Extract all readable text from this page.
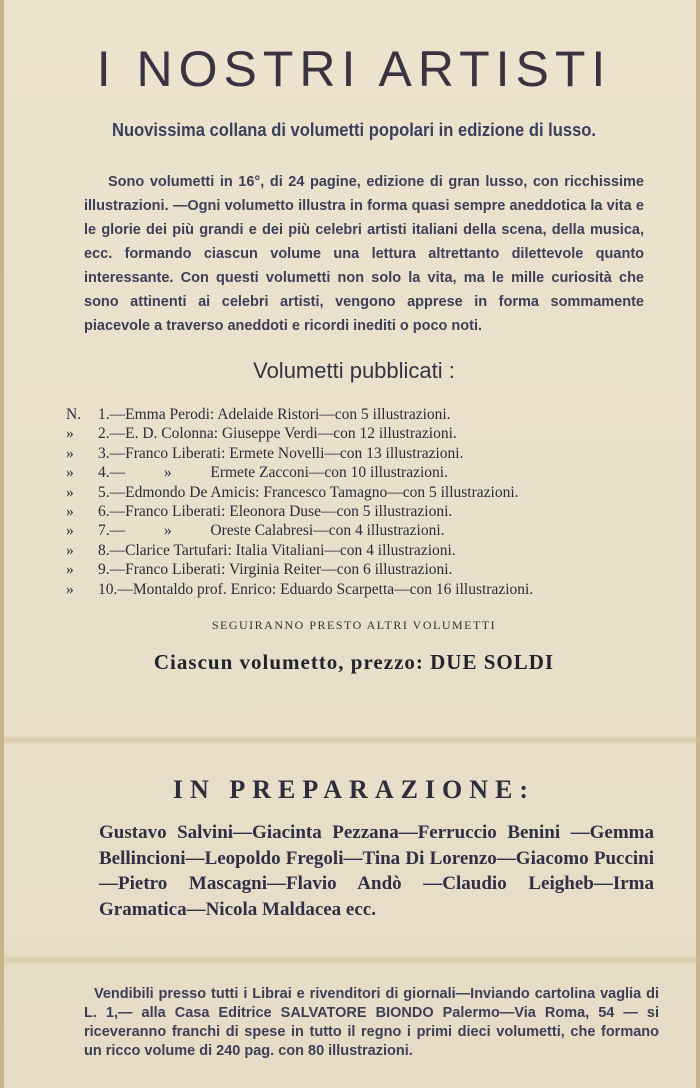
I NOSTRI ARTISTI
Nuovissima collana di volumetti popolari in edizione di lusso.
Sono volumetti in 16°, di 24 pagine, edizione di gran lusso, con ricchissime illustrazioni. —Ogni volumetto illustra in forma quasi sempre aneddotica la vita e le glorie dei più grandi e dei più celebri artisti italiani della scena, della musica, ecc. formando ciascun volume una lettura altrettanto dilettevole quanto interessante. Con questi volumetti non solo la vita, ma le mille curiosità che sono attinenti ai celebri artisti, vengono apprese in forma sommamente piacevole a traverso aneddoti e ricordi inediti o poco noti.
Volumetti pubblicati :
N.	1.—Emma Perodi: Adelaide Ristori—con 5 illustrazioni.
»	2.—E. D. Colonna: Giuseppe Verdi—con 12 illustrazioni.
»	3.—Franco Liberati: Ermete Novelli—con 13 illustrazioni.
»	4.—          »          Ermete Zacconi—con 10 illustrazioni.
»	5.—Edmondo De Amicis: Francesco Tamagno—con 5 illustrazioni.
»	6.—Franco Liberati: Eleonora Duse—con 5 illustrazioni.
»	7.—          »          Oreste Calabresi—con 4 illustrazioni.
»	8.—Clarice Tartufari: Italia Vitaliani—con 4 illustrazioni.
»	9.—Franco Liberati: Virginia Reiter—con 6 illustrazioni.
»	10.—Montaldo prof. Enrico: Eduardo Scarpetta—con 16 illustrazioni.
SEGUIRANNO PRESTO ALTRI VOLUMETTI
Ciascun volumetto, prezzo: DUE SOLDI
IN PREPARAZIONE:
Gustavo Salvini—Giacinta Pezzana—Ferruccio Benini —Gemma Bellincioni—Leopoldo Fregoli—Tina Di Lorenzo—Giacomo Puccini—Pietro Mascagni—Flavio Andò —Claudio Leigheb—Irma Gramatica—Nicola Maldacea ecc.
Vendibili presso tutti i Librai e rivenditori di giornali—Inviando cartolina vaglia di L. 1,— alla Casa Editrice SALVATORE BIONDO Palermo—Via Roma, 54 — si riceveranno franchi di spese in tutto il regno i primi dieci volumetti, che formano un ricco volume di 240 pag. con 80 illustrazioni.
